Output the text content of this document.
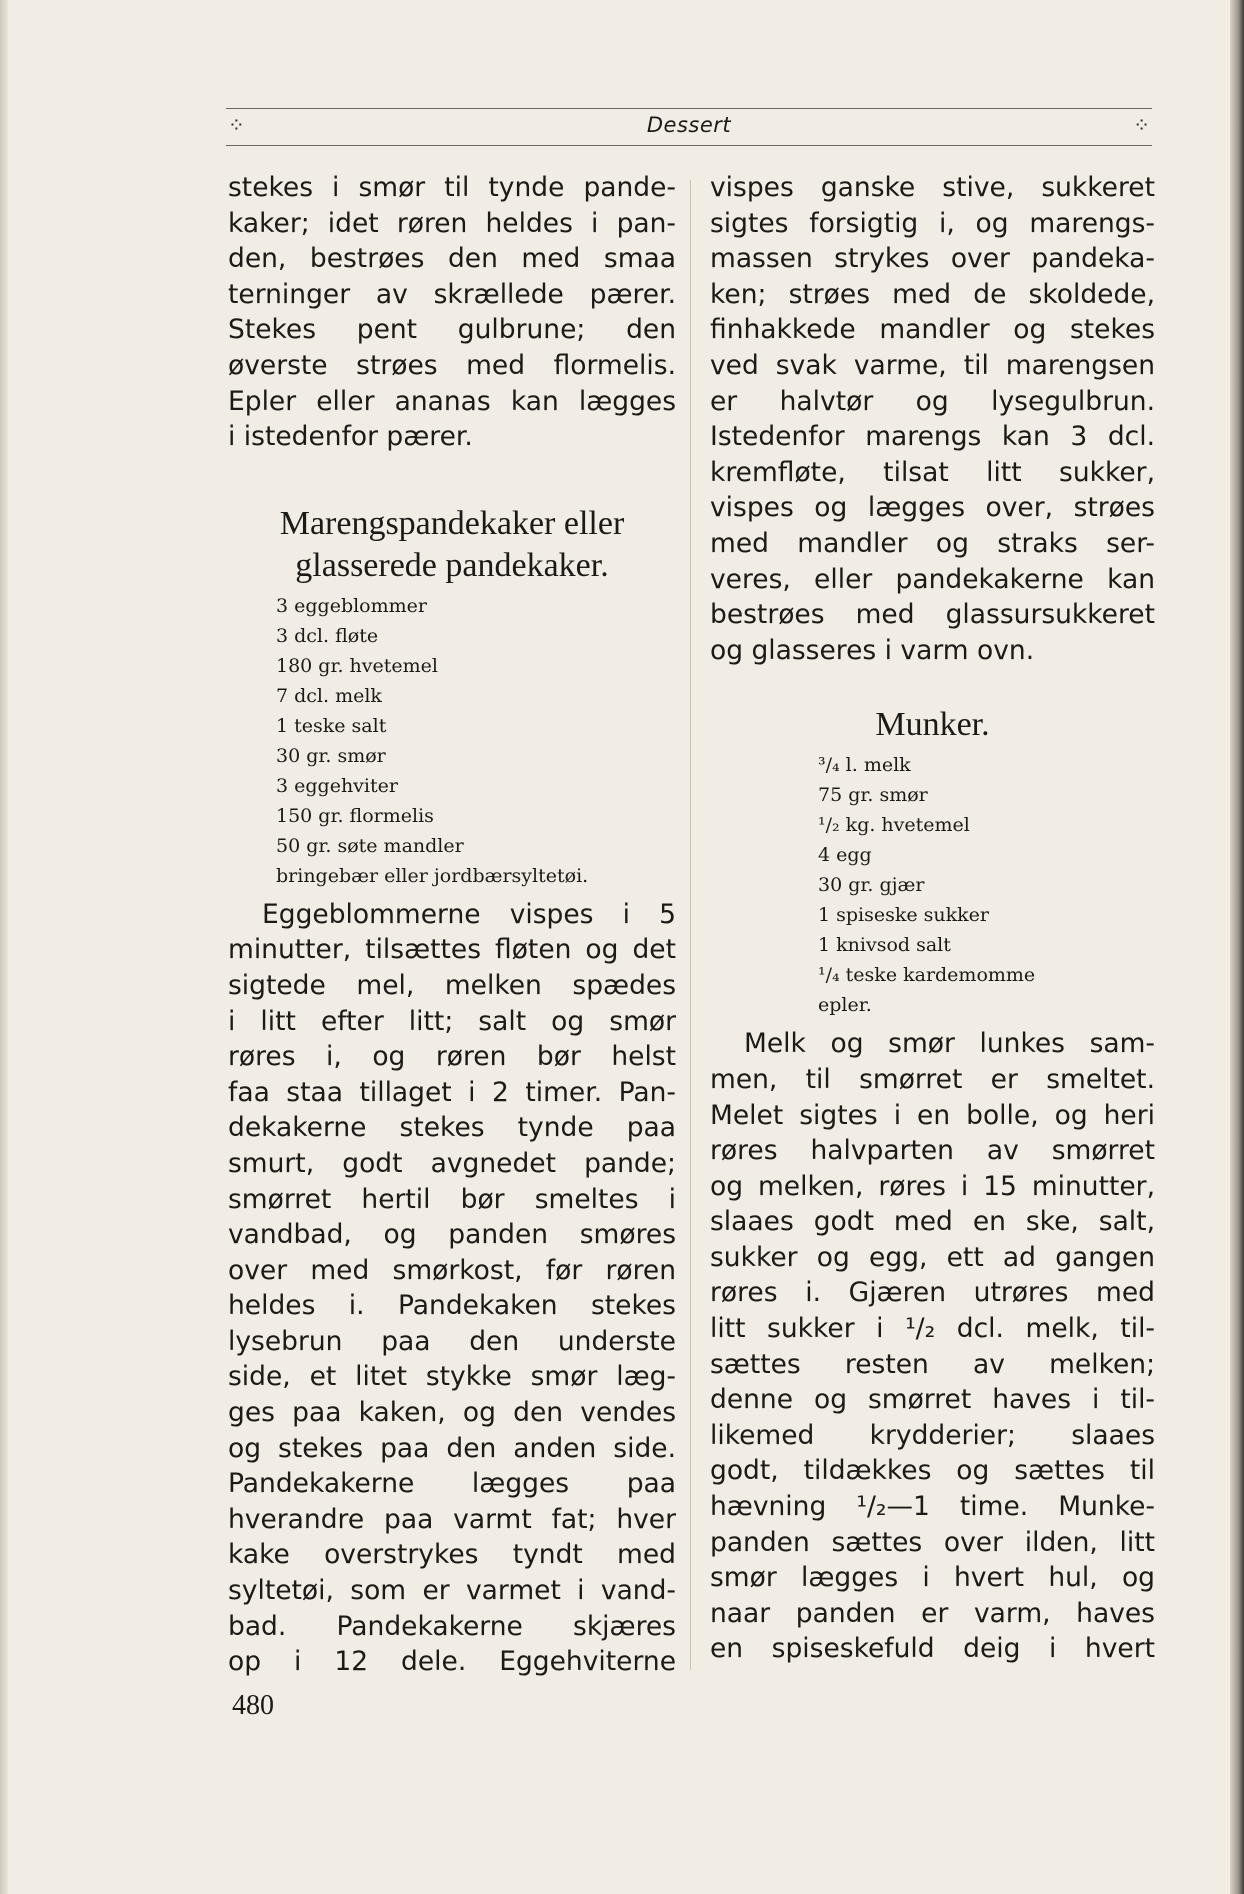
⁘	Dessert	⁘

stekes i smør til tynde pande-

kaker; idet røren heldes i pan-

den, bestrøes den med smaa

terninger av skrællede pærer.

Stekes pent gulbrune; den

øverste strøes med flormelis.

Epler eller ananas kan lægges

i istedenfor pærer.

Marengspandekaker eller

glasserede pandekaker.

3 eggeblommer
3 dcl. fløte
180 gr. hvetemel
7 dcl. melk
1 teske salt
30 gr. smør
3 eggehviter
150 gr. flormelis
50 gr. søte mandler
bringebær eller jordbærsyltetøi.

Eggeblommerne vispes i 5

minutter, tilsættes fløten og det

sigtede mel, melken spædes

i litt efter litt; salt og smør

røres i, og røren bør helst

faa staa tillaget i 2 timer. Pan-

dekakerne stekes tynde paa

smurt, godt avgnedet pande;

smørret hertil bør smeltes i

vandbad, og panden smøres

over med smørkost, før røren

heldes i. Pandekaken stekes

lysebrun paa den underste

side, et litet stykke smør læg-

ges paa kaken, og den vendes

og stekes paa den anden side.

Pandekakerne lægges paa

hverandre paa varmt fat; hver

kake overstrykes tyndt med

syltetøi, som er varmet i vand-

bad. Pandekakerne skjæres

op i 12 dele. Eggehviterne

vispes ganske stive, sukkeret

sigtes forsigtig i, og marengs-

massen strykes over pandeka-

ken; strøes med de skoldede,

finhakkede mandler og stekes

ved svak varme, til marengsen

er halvtør og lysegulbrun.

Istedenfor marengs kan 3 dcl.

kremfløte, tilsat litt sukker,

vispes og lægges over, strøes

med mandler og straks ser-

veres, eller pandekakerne kan

bestrøes med glassursukkeret

og glasseres i varm ovn.

Munker.

³/₄ l. melk
75 gr. smør
¹/₂ kg. hvetemel
4 egg
30 gr. gjær
1 spiseske sukker
1 knivsod salt
¹/₄ teske kardemomme
epler.

Melk og smør lunkes sam-

men, til smørret er smeltet.

Melet sigtes i en bolle, og heri

røres halvparten av smørret

og melken, røres i 15 minutter,

slaaes godt med en ske, salt,

sukker og egg, ett ad gangen

røres i. Gjæren utrøres med

litt sukker i ¹/₂ dcl. melk, til-

sættes resten av melken;

denne og smørret haves i til-

likemed krydderier; slaaes

godt, tildækkes og sættes til

hævning ¹/₂—1 time. Munke-

panden sættes over ilden, litt

smør lægges i hvert hul, og

naar panden er varm, haves

en spiseskefuld deig i hvert

480
